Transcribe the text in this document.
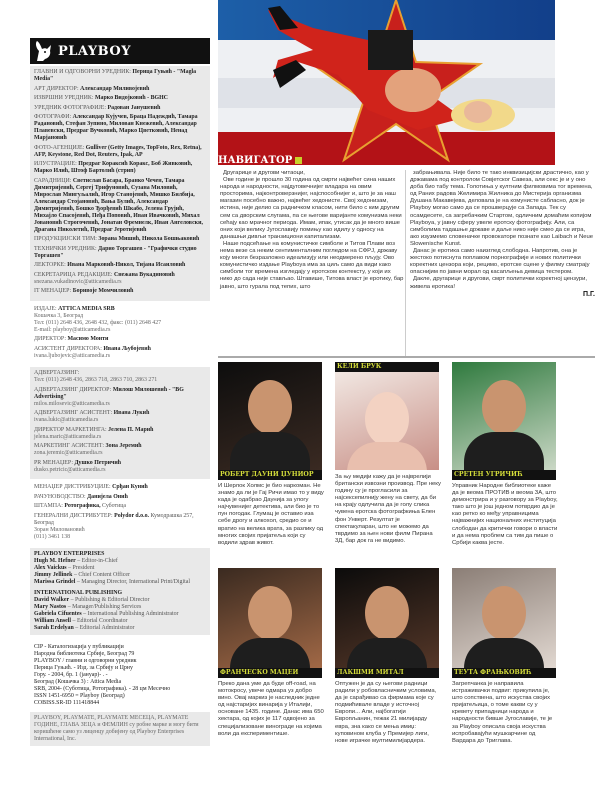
PLAYBOY

ГЛАВНИ И ОДГОВОРНИ УРЕДНИК: Перица Гуњић - "Magla Media"

АРТ ДИРЕКТОР: Александар Миливојевић

ИЗВРШНИ УРЕДНИК: Марко Видојковић - BGHC

УРЕДНИК ФОТОГРАФИЈЕ: Радован Јанушевић

ФОТОГРАФИ: Александар Кујучев, Браца Надеждић, Тамара Радановић, Стефан Зупино, Милован Кнежевић, Александар Плавевски, Предраг Вучковић, Марко Цветковић, Ненад Марјановић

ФОТО-АГЕНЦИЈЕ: Gulliver (Getty Images, TopFoto, Rex, Retna), AFP, Keystone, Red Dot, Reuters, Ipak, AP

ИЛУСТРАЦИЈЕ: Предраг Кораксић Коракс, Боб Живковић, Марко Илић, Штоф Бартолић (стрип)

САРАДНИЦИ: Светислав Басара, Бранко Чечен, Тамара Димитријевић, Сергеј Трифуновић, Сузана Миловић, Мирослав Мингуљалић, Игор Станојевић, Мишко Билбија, Александар Стојановић, Вања Булић, Александар Димитријевић, Бошко Ђорђевић Шкабо, Јелена Грујић, Михајло Спасојевић, Пеђа Поповић, Иван Ивачковић, Михал Јовановић Строгочевић, Јонатан Фремнелк, Иван Ангеловски, Драгана Николетић, Предраг Јеротијевић

ПРОДУКЦИЈСКИ ТИМ: Зорана Мишић, Никола Бошњаковић

ТЕХНИЧКИ УРЕДНИК: Дарио Торгашев - "Графички студио Торгашев"

ЛЕКТОРКЕ: Ивана Марковић-Никол, Тијана Исаиловић

СЕКРЕТАРИЦА РЕДАКЦИЈЕ: Снежана Вукадиновић
snezana.vukadinovic@atticamedia.rs

IT МЕНАЏЕР: Боривоје Момчиловић

ИЗДАЈЕ: ATTICA MEDIA SRB
Кошачка 3, Београд
Тел: (011) 2648 436, 2648 432, факс: (011) 2648 427
E-mail: playboy@atticamedia.rs

ДИРЕКТОР: Масимо Монти

АСИСТЕНТ ДИРЕКТОРА: Ивана Љубојевић
ivana.ljubojevic@atticamedia.rs

АДВЕРТАЈЗИНГ:
Тел: (011) 2648 436, 2863 718, 2863 710, 2863 271

АДВЕРТАЈЗИНГ ДИРЕКТОР: Милош Милошевић - "BG Advertising"
milos.milosevic@atticamedia.rs

АДВЕРТАЈЗИНГ АСИСТЕНТ: Ивана Лукић
ivana.lukic@atticamedia.rs

ДИРЕКТОР МАРКЕТИНГА: Јелена П. Марић
jelena.maric@atticamedia.rs

МАРКЕТИНГ АСИСТЕНТ: Зона Јеремић
zona.jeremic@atticamedia.rs

PR МЕНАЏЕР: Душко Петричић
dusko.petricic@atticamedia.rs

МЕНАЏЕР ДИСТРИБУЦИЈЕ: Срђан Кунић

РАЧУНОВОДСТВО: Данијела Онић

ШТАМПА: Ротографика, Суботица

ГЕНЕРАЛНИ ДИСТРИБУТЕР: Polydor d.o.o. Кумодрашка 257, Београд
Зоран Миловановић
(011) 3461 138

PLAYBOY ENTERPRISES
Hugh M. Hefner – Editor-in-Chief
Alex Vaickus – President
Jimmy Jellinek – Chief Content Officer
Marissa Grindel – Managing Director, International Print/Digital
INTERNATIONAL PUBLISHING
David Walker – Publishing & Editorial Director
Mary Nastos – Manager/Publishing Services
Gabriela Cifuentes – International Publishing Administrator
William Ansell – Editorial Coordinator
Sarah Erdelyan – Editorial Administrator
CIP - Каталогизација у публикацији
Народна библиотека Србије, Београд 79
PLAYBOY / главни и одговорни уредник
Перица Гуњић. - Изд. за Србију и Црну
Гору. - 2004, бр. 1 (јануар)- . -
Београд (Кошачка 3) : Attica Media
SRB, 2004- (Суботица, Ротографика). - 28 цм Месечно
ISSN 1451-6950 = Playboy (Београд)
COBISS.SR-ID 111418844
PLAYBOY, PLAYMATE, PLAYMATE МЕСЕЦА, PLAYMATE ГОДИНЕ, ГЛАВА ЗЕЦА и ФЕМЛИН су робне марке и могу бити коришћене само уз лиценцу добијену од Playboy Enterprises International, Inc.
НАВИГАТОР

Другарице и другови читаоци,

Ове године је прошло 30 година од смрти највећег сина наших народа и народности, најдуговечнијег владара на овим просторима, најконтроверзнијег, најспособнијег и, што је за наш магазин посебно важно, највећег хедонисте. Свој хедонизам, истина, није делио са радничком класом, нити било с ким другим сем са дворским слугама, па се његове варијанте комунизма неки сећају као мрачног периода. Имам, ипак, утисак да је много више оних који велику Југославију помињу као идилу у односу на данашњи дивљи транзициони капитализам.

Наше подсећање на комунистичке симболе и Титов Плави воз нема везе са неким сентименталним погледом на СФРЈ, државу коју многи безразложно идеализују или неодмерено пљују. Ово комунистичко издање Playboya има за циљ само да види како симболи тог времена изгледају у еротском контексту, у који их нико до сада није стављао. Штавише, Титова власт је еротику, бар јавно, што гурала под тепих, што

забрањивала. Није било те тако инквизицијски драстично, као у државама под контролом Совјетског Савеза, али секс је и у оно доба био табу тема. Голотиња у култним филмовима тог времена, од Раних радова Желимира Жилника до Мистерија организма Душана Макавејева, деловала је на комунисте сабласно, док је Playboy могао само да се прошверцује са Запада. Тек су осамдесете, са загребачким Стартом, одличним домаћим копијом Playboya, у јавну сферу увеле еротску фотографију. Али, са симболима тадашње државе и даље нико није смео да се игра, ако изузмемо словеначке провокаторе познате као Laibach и Neue Slowenische Kunst.

Данас је еротика само наизглед слободна. Напротив, она је жестоко потиснута поплавом порнографије и нових политички коректних цензора који, рецимо, еротске сцене у филму сматрају опаснијим по јавни морал од касапљења девица тестером.

Дакле, другарице и другови, смрт политички коректној цензури, живела еротика!

П.Г.
РОБЕРТ ДАУНИ ЏУНИОР
И Шерлок Холмс је био наркоман. Не знамо да ли је Гај Ричи имао то у виду када је одабрао Даунија за улогу најчувенијег детектива, али био је то пун погодак. Глумац је оставио иза себе дрогу и алкохол, средио се и вратио на велика врата, за разлику од многих својих пријатеља који су водили здрав живот.
КЕЛИ БРУК
За њу медији кажу да је најврелији британски извозни производ. Пре неку годину су је прогласили за најсексепилнију жену на свету, да би на крају одлучила да је голу слика чувена еротска фотографкиња Елен фон Унверт. Резултат је спектакуларан, што не можемо да тврдимо за њен нови филм Пирана 3Д, бар док га не видимо.
СРЕТЕН УГРИЧИЋ
Управник Народне библиотеке каже да је веома ПРОТИВ и веома ЗА, што демонстрира и у разговору за Playboy, тако што је још једном потврдио да је као ретко ко међу управницима најважнијих националних институција слободан да критички говори о власти и да нема проблем са тим да пише о Србији каква јесте.
ФРАНЧЕСКО МАЦЕИ
Преко дана уме да буде off-road, на мотокросу, увече одмара уз добро вино. Овај маркиз је наследник једне од најстаријих винарија у Италији, основане 1435. године. Данас има 650 хектара, од којих је 117 одвојено за специјализоване винограде на којима воли да експериментише.
ЛАКШМИ МИТАЛ
Оптужен је да су његови радници радили у робовласничким условима, да је сарађивао са фирмама које су подмићивале владе у источној Европи... Али, најбогатији Европљанин, тежак 21 милијарду евра, зна како се мења имиџ: куповином клуба у Премијер лиги, нове играчке мултимилијардера.
ТЕУТА ФРАЊКОВИЋ
Загрепчанка је направила истраживачки подвиг: прикупила је, што сопствена, што искуства својих пријатељица, о томе какви су у кревету припадници народа и народности бивше Југославије, те је за Playboy описала своја искуства испробавајући мушкарчине од Вардара до Триглава.
